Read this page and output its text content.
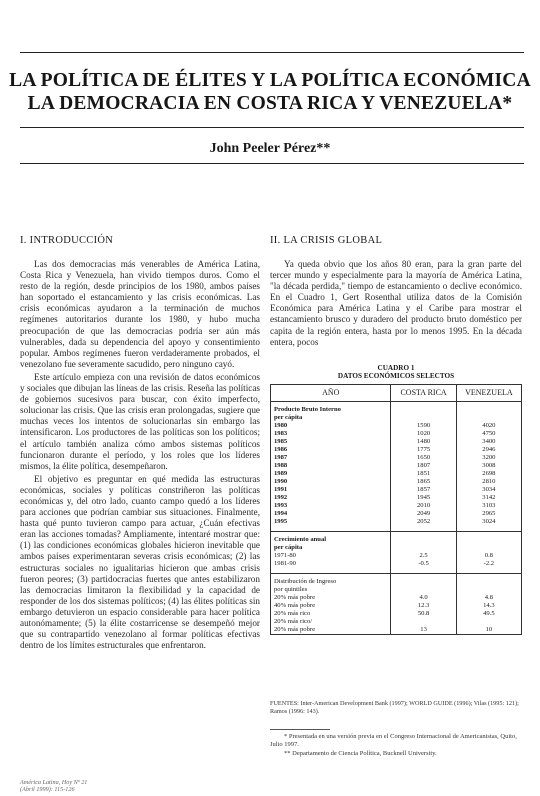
LA POLÍTICA DE ÉLITES Y LA POLÍTICA ECONÓMICA
LA DEMOCRACIA EN COSTA RICA Y VENEZUELA*
John Peeler Pérez**
I. INTRODUCCIÓN	II. LA CRISIS GLOBAL

Las dos democracias más venerables de América Latina, Costa Rica y Venezuela, han vivido tiempos duros. Como el resto de la región, desde principios de los 1980, ambos países han soportado el estancamiento y las crisis económicas. Las crisis económicas ayudaron a la terminación de muchos regímenes autoritarios durante los 1980, y hubo mucha preocupación de que las democracias podría ser aún más vulnerables, dada su dependencia del apoyo y consentimiento popular. Ambos regímenes fueron verdaderamente probados, el venezolano fue severamente sacudido, pero ninguno cayó.

Este artículo empieza con una revisión de datos económicos y sociales que dibujan las líneas de las crisis. Reseña las políticas de gobiernos sucesivos para buscar, con éxito imperfecto, solucionar las crisis. Que las crisis eran prolongadas, sugiere que muchas veces los intentos de solucionarlas sin embargo las intensificaron. Los productores de las políticas son los políticos; el artículo también analiza cómo ambos sistemas políticos funcionaron durante el período, y los roles que los líderes mismos, la élite política, desempeñaron.

El objetivo es preguntar en qué medida las estructuras económicas, sociales y políticas constriñeron las políticas económicas y, del otro lado, cuanto campo quedó a los líderes para acciones que podrían cambiar sus situaciones. Finalmente, hasta qué punto tuvieron campo para actuar, ¿Cuán efectivas eran las acciones tomadas? Ampliamente, intentaré mostrar que: (1) las condiciones económicas globales hicieron inevitable que ambos países experimentaran severas crisis económicas; (2) las estructuras sociales no igualitarias hicieron que ambas crisis fueron peores; (3) partidocracias fuertes que antes estabilizaron las democracias limitaron la flexibilidad y la capacidad de responder de los dos sistemas políticos; (4) las élites políticas sin embargo detuvieron un espacio considerable para hacer política autonómamente; (5) la élite costarricense se desempeñó mejor que su contrapartido venezolano al formar políticas efectivas dentro de los límites estructurales que enfrentaron.

Ya queda obvio que los años 80 eran, para la gran parte del tercer mundo y especialmente para la mayoría de América Latina, "la década perdida," tiempo de estancamiento o declive económico. En el Cuadro 1, Gert Rosenthal utiliza datos de la Comisión Económica para América Latina y el Caribe para mostrar el estancamiento brusco y duradero del producto bruto doméstico per capita de la región entera, hasta por lo menos 1995. En la década entera, pocos

CUADRO 1
DATOS ECONÓMICOS SELECTOS
AÑO	COSTA RICA	VENEZUELA
Producto Bruto Interno		
per cápita		
1980	1590	4020
1983	1020	4750
1985	1480	3400
1986	1775	2946
1987	1650	3200
1988	1807	3008
1989	1851	2698
1990	1865	2810
1991	1857	3034
1992	1945	3142
1993	2010	3103
1994	2049	2965
1995	2052	3024

Crecimiento anual		
per cápita		
1971-80	2.5	0.8
1981-90	-0.5	-2.2

Distribución de Ingreso		
por quintiles		
20% más pobre	4.0	4.8
40% más pobre	12.3	14.3
20% más rico	50.8	49.5
20% más rico/		
20% más pobre	13	10
FUENTES: Inter-American Development Bank (1997); WORLD GUIDE (1996); Vilas (1995: 121); Ramos (1996: 143).
* Presentada en una versión previa en el Congreso Internacional de Americanistas, Quito, Julio 1997.
** Departamento de Ciencia Política, Bucknell University.
América Latina, Hoy Nº 21
(Abril 1999): 115-126
